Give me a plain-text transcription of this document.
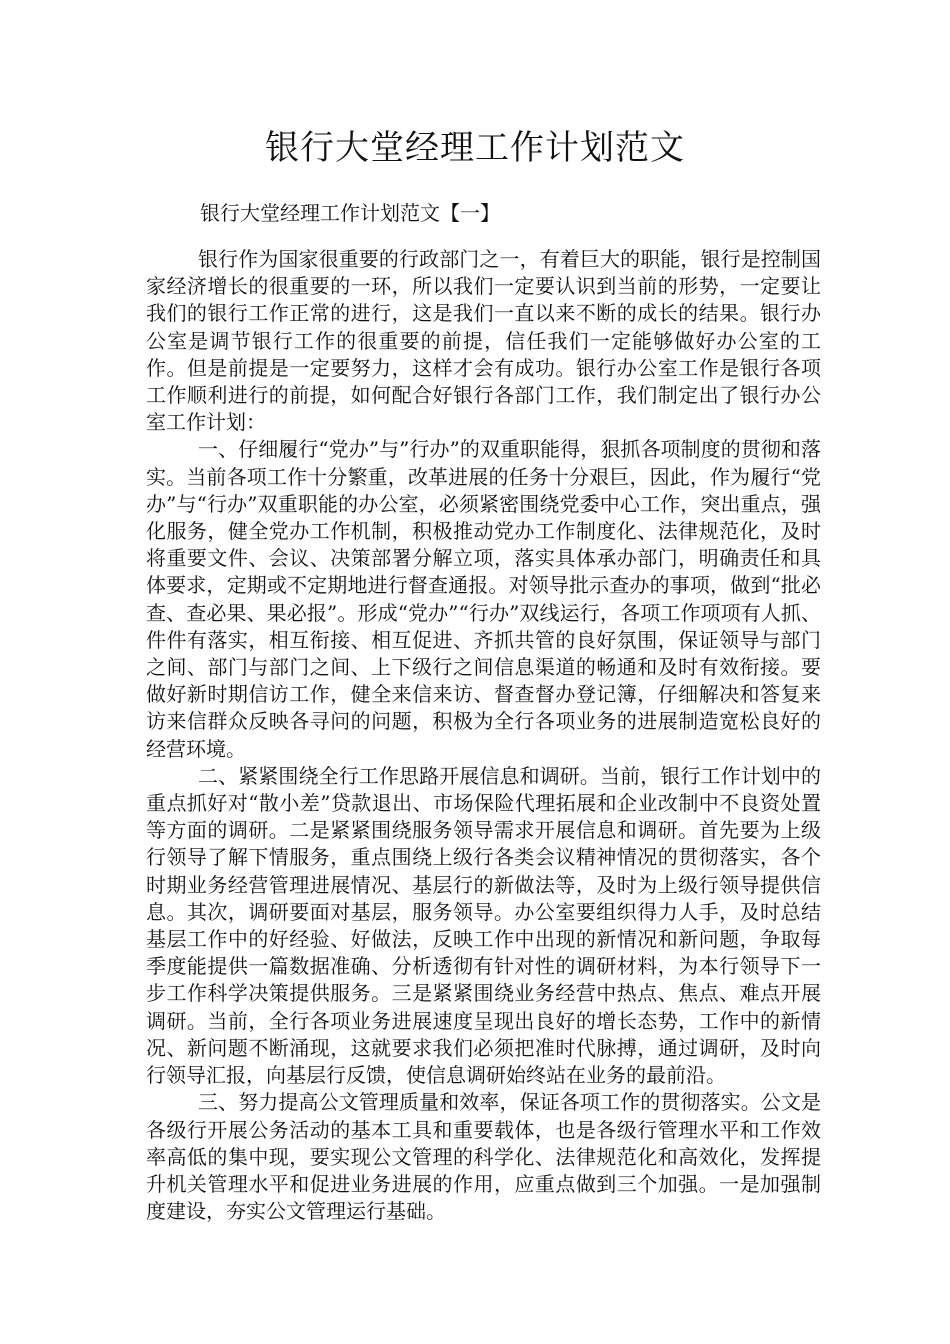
银行大堂经理工作计划范文
银行大堂经理工作计划范文【一】

银行作为国家很重要的行政部门之一，有着巨大的职能，银行是控制国家经济增长的很重要的一环，所以我们一定要认识到当前的形势，一定要让我们的银行工作正常的进行，这是我们一直以来不断的成长的结果。银行办公室是调节银行工作的很重要的前提，信任我们一定能够做好办公室的工作。但是前提是一定要努力，这样才会有成功。银行办公室工作是银行各项工作顺利进行的前提，如何配合好银行各部门工作，我们制定出了银行办公室工作计划：

一、仔细履行“党办”与”行办”的双重职能得，狠抓各项制度的贯彻和落实。当前各项工作十分繁重，改革进展的任务十分艰巨，因此，作为履行“党办”与“行办”双重职能的办公室，必须紧密围绕党委中心工作，突出重点，强化服务，健全党办工作机制，积极推动党办工作制度化、法律规范化，及时将重要文件、会议、决策部署分解立项，落实具体承办部门，明确责任和具体要求，定期或不定期地进行督查通报。对领导批示查办的事项，做到“批必查、查必果、果必报”。形成“党办”“行办”双线运行，各项工作项项有人抓、件件有落实，相互衔接、相互促进、齐抓共管的良好氛围，保证领导与部门之间、部门与部门之间、上下级行之间信息渠道的畅通和及时有效衔接。要做好新时期信访工作，健全来信来访、督查督办登记簿，仔细解决和答复来访来信群众反映各寻问的问题，积极为全行各项业务的进展制造宽松良好的经营环境。

二、紧紧围绕全行工作思路开展信息和调研。当前，银行工作计划中的重点抓好对“散小差”贷款退出、市场保险代理拓展和企业改制中不良资处置等方面的调研。二是紧紧围绕服务领导需求开展信息和调研。首先要为上级行领导了解下情服务，重点围绕上级行各类会议精神情况的贯彻落实，各个时期业务经营管理进展情况、基层行的新做法等，及时为上级行领导提供信息。其次，调研要面对基层，服务领导。办公室要组织得力人手，及时总结基层工作中的好经验、好做法，反映工作中出现的新情况和新问题，争取每季度能提供一篇数据准确、分析透彻有针对性的调研材料，为本行领导下一步工作科学决策提供服务。三是紧紧围绕业务经营中热点、焦点、难点开展调研。当前，全行各项业务进展速度呈现出良好的增长态势，工作中的新情况、新问题不断涌现，这就要求我们必须把准时代脉搏，通过调研，及时向行领导汇报，向基层行反馈，使信息调研始终站在业务的最前沿。

三、努力提高公文管理质量和效率，保证各项工作的贯彻落实。公文是各级行开展公务活动的基本工具和重要载体，也是各级行管理水平和工作效率高低的集中现，要实现公文管理的科学化、法律规范化和高效化，发挥提升机关管理水平和促进业务进展的作用，应重点做到三个加强。一是加强制度建设，夯实公文管理运行基础。
